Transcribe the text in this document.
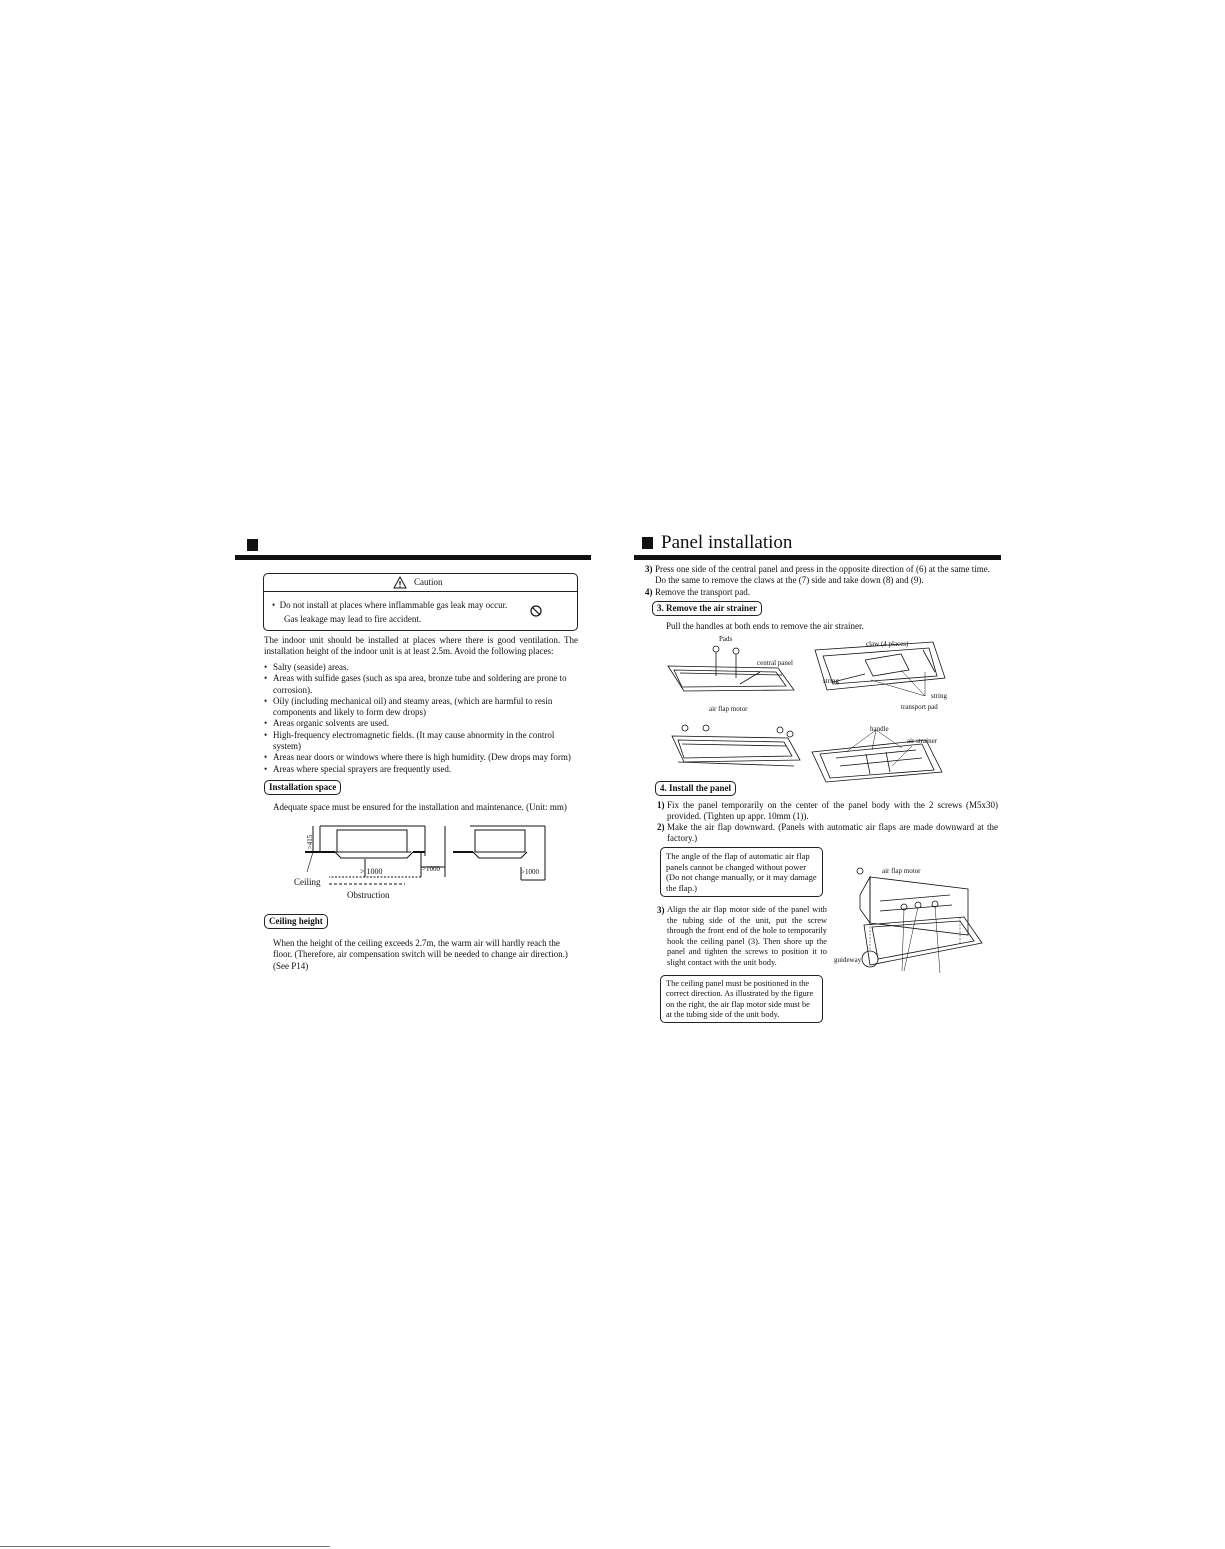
Caution
•  Do not install at places where inflammable gas leak may occur.
Gas leakage may lead to fire accident.
The indoor unit should be installed at places where there is good ventilation. The installation height of the indoor unit is at least 2.5m. Avoid the following places:
• Salty (seaside) areas.
• Areas with sulfide gases (such as spa area, bronze tube and soldering are prone to corrosion).
• Oily (including mechanical oil) and steamy areas, (which are harmful to resin components and likely to form dew drops)
• Areas organic solvents are used.
• High-frequency electromagnetic fields. (It may cause abnormity in the control system)
• Areas near doors or windows where there is high humidity. (Dew drops may form)
• Areas where special sprayers are frequently used.
Installation space
Adequate space must be ensured for the installation and maintenance. (Unit: mm)
>415
> 1000	>1000	>1000
Ceiling
Obstruction
Ceiling height
When the height of the ceiling exceeds 2.7m, the warm air will hardly reach the floor. (Therefore, air compensation switch will be needed to change air direction.) (See P14)
Panel installation
3) Press one side of the central panel and press in the opposite direction of (6) at the same time. Do the same to remove the claws at the (7) side and take down (8) and (9).

4) Remove the transport pad.

3. Remove the air strainer
Pull the handles at both ends to remove the air strainer.
Pads
central panel
air flap motor
claw (4 places)
string
string
transport pad
handle
air strainer
4. Install the panel
1) Fix the panel temporarily on the center of the panel body with the 2 screws (M5x30) provided. (Tighten up appr. 10mm (1)).

2) Make the air flap downward. (Panels with automatic air flaps are made downward at the factory.)

The angle of the flap of automatic air flap panels cannot be changed without power (Do not change manually, or it may damage the flap.)
3) Align the air flap motor side of the panel with the tubing side of the unit, put the screw through the front end of the hole to temporarily hook the ceiling panel (3). Then shore up the panel and tighten the screws to position it to slight contact with the unit body.

The ceiling panel must be positioned in the correct direction. As illustrated by the figure on the right, the air flap motor side must be at the tubing side of the unit body.
air flap motor
guideway
